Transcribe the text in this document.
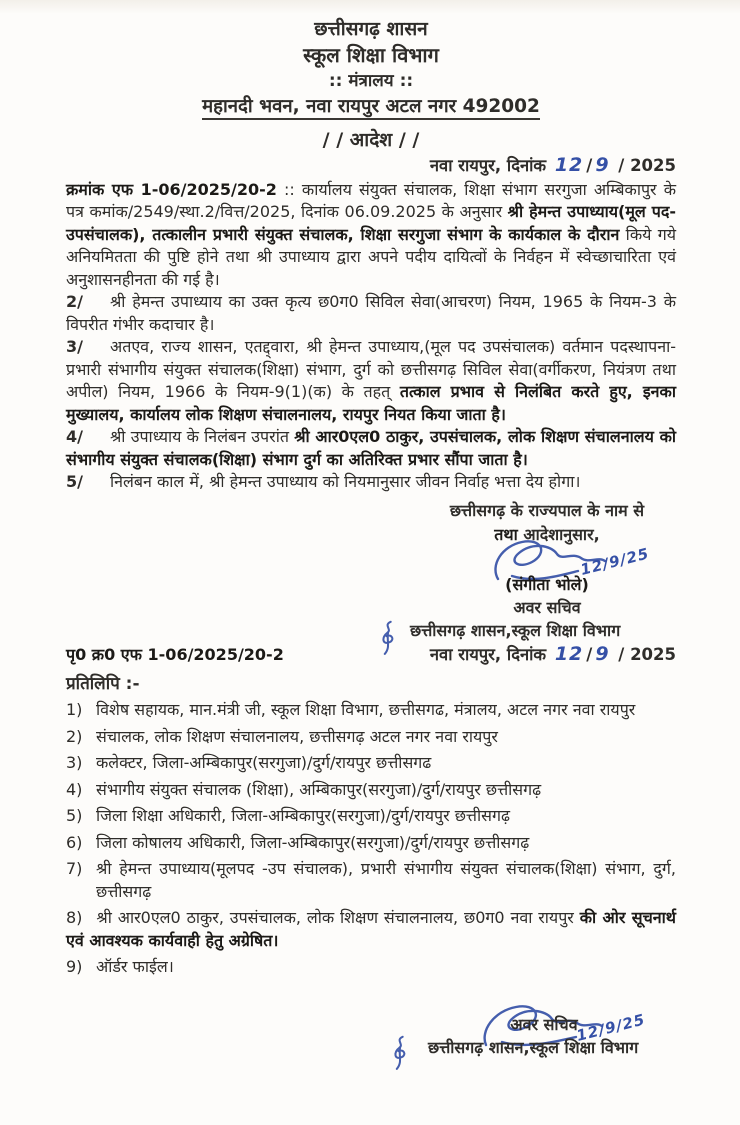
छत्तीसगढ़ शासन
स्कूल शिक्षा विभाग
:: मंत्रालय ::
महानदी भवन, नवा रायपुर अटल नगर 492002
/ / आदेश / /
नवा रायपुर, दिनांक 12 / 9 / 2025

क्रमांक एफ 1-06/2025/20-2 :: कार्यालय संयुक्त संचालक, शिक्षा संभाग सरगुजा अम्बिकापुर के पत्र कमांक/2549/स्था.2/वित्त/2025, दिनांक 06.09.2025 के अनुसार श्री हेमन्त उपाध्याय(मूल पद-उपसंचालक), तत्कालीन प्रभारी संयुक्त संचालक, शिक्षा सरगुजा संभाग के कार्यकाल के दौरान किये गये अनियमितता की पुष्टि होने तथा श्री उपाध्याय द्वारा अपने पदीय दायित्वों के निर्वहन में स्वेच्छाचारिता एवं अनुशासनहीनता की गई है।

2/ श्री हेमन्त उपाध्याय का उक्त कृत्य छ0ग0 सिविल सेवा(आचरण) नियम, 1965 के नियम-3 के विपरीत गंभीर कदाचार है।

3/ अतएव, राज्य शासन, एतद्द्वारा, श्री हेमन्त उपाध्याय,(मूल पद उपसंचालक) वर्तमान पदस्थापना- प्रभारी संभागीय संयुक्त संचालक(शिक्षा) संभाग, दुर्ग को छत्तीसगढ़ सिविल सेवा(वर्गीकरण, नियंत्रण तथा अपील) नियम, 1966 के नियम-9(1)(क) के तहत् तत्काल प्रभाव से निलंबित करते हुए, इनका मुख्यालय, कार्यालय लोक शिक्षण संचालनालय, रायपुर नियत किया जाता है।

4/ श्री उपाध्याय के निलंबन उपरांत श्री आर0एल0 ठाकुर, उपसंचालक, लोक शिक्षण संचालनालय को संभागीय संयुक्त संचालक(शिक्षा) संभाग दुर्ग का अतिरिक्त प्रभार सौंपा जाता है।

5/ निलंबन काल में, श्री हेमन्त उपाध्याय को नियमानुसार जीवन निर्वाह भत्ता देय होगा।

छत्तीसगढ़ के राज्यपाल के नाम से
तथा आदेशानुसार,
12/9/25
(संगीता भोले)
अवर सचिव
छत्तीसगढ़ शासन,स्कूल शिक्षा विभाग
पृ0 क्र0 एफ 1-06/2025/20-2	नवा रायपुर, दिनांक 12 / 9 / 2025
प्रतिलिपि :-
1) विशेष सहायक, मान.मंत्री जी, स्कूल शिक्षा विभाग, छत्तीसगढ, मंत्रालय, अटल नगर नवा रायपुर
2) संचालक, लोक शिक्षण संचालनालय, छत्तीसगढ़ अटल नगर नवा रायपुर
3) कलेक्टर, जिला-अम्बिकापुर(सरगुजा)/दुर्ग/रायपुर छत्तीसगढ
4) संभागीय संयुक्त संचालक (शिक्षा), अम्बिकापुर(सरगुजा)/दुर्ग/रायपुर छत्तीसगढ़
5) जिला शिक्षा अधिकारी, जिला-अम्बिकापुर(सरगुजा)/दुर्ग/रायपुर छत्तीसगढ़
6) जिला कोषालय अधिकारी, जिला-अम्बिकापुर(सरगुजा)/दुर्ग/रायपुर छत्तीसगढ़
7) श्री हेमन्त उपाध्याय(मूलपद -उप संचालक), प्रभारी संभागीय संयुक्त संचालक(शिक्षा) संभाग, दुर्ग, छत्तीसगढ़

8) श्री आर0एल0 ठाकुर, उपसंचालक, लोक शिक्षण संचालनालय, छ0ग0 नवा रायपुर की ओर सूचनार्थ एवं आवश्यक कार्यवाही हेतु अग्रेषित।

9) ऑर्डर फाईल।
12/9/25
अवर सचिव
छत्तीसगढ़ शासन,स्कूल शिक्षा विभाग
